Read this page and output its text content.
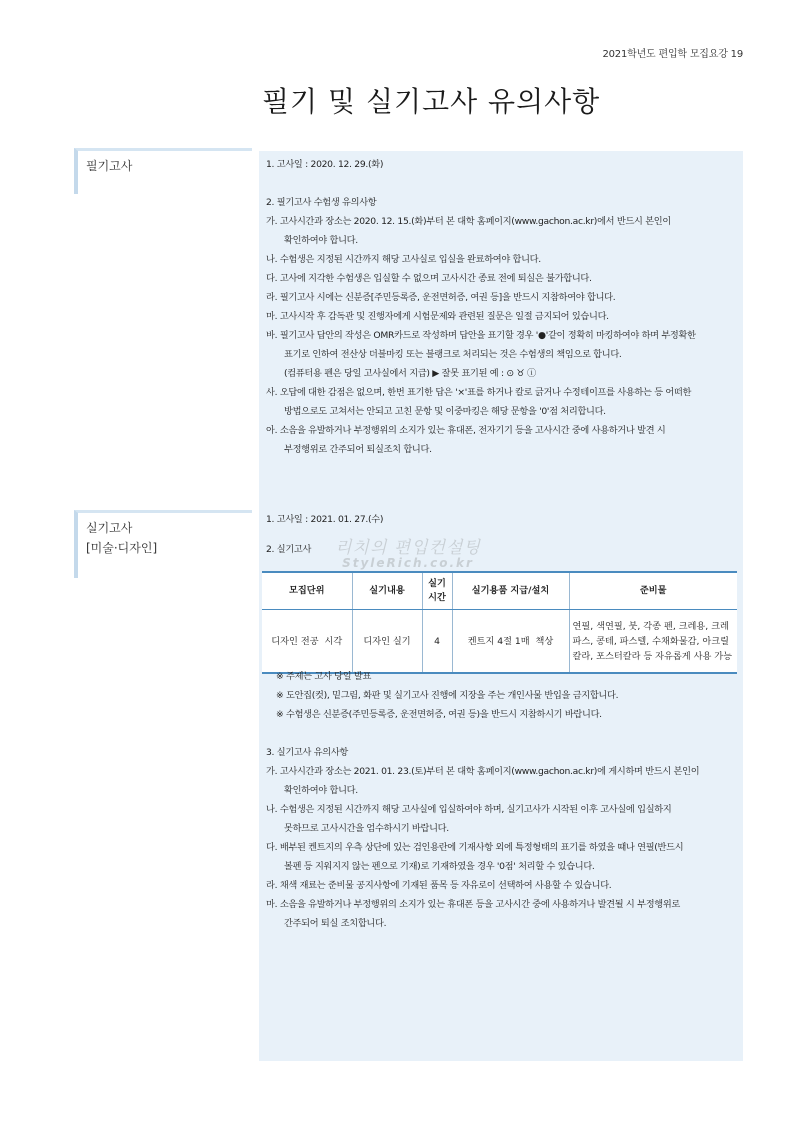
2021학년도 편입학 모집요강 19
필기 및 실기고사 유의사항
필기고사
실기고사
[미술·디자인]
1. 고사일 : 2020. 12. 29.(화)
2. 필기고사 수험생 유의사항
가. 고사시간과 장소는 2020. 12. 15.(화)부터 본 대학 홈페이지(www.gachon.ac.kr)에서 반드시 본인이
확인하여야 합니다.
나. 수험생은 지정된 시간까지 해당 고사실로 입실을 완료하여야 합니다.
다. 고사에 지각한 수험생은 입실할 수 없으며 고사시간 종료 전에 퇴실은 불가합니다.
라. 필기고사 시에는 신분증[주민등록증, 운전면허증, 여권 등]을 반드시 지참하여야 합니다.
마. 고사시작 후 감독관 및 진행자에게 시험문제와 관련된 질문은 일절 금지되어 있습니다.
바. 필기고사 답안의 작성은 OMR카드로 작성하며 답안을 표기할 경우 '●'같이 정확히 마킹하여야 하며 부정확한
표기로 인하여 전산상 더블마킹 또는 블랭크로 처리되는 것은 수험생의 책임으로 합니다.
(컴퓨터용 펜은 당일 고사실에서 지급) ▶ 잘못 표기된 예 : ⊙ ♉ ⓘ
사. 오답에 대한 감점은 없으며, 한번 표기한 답은 '×'표를 하거나 칼로 긁거나 수정테이프를 사용하는 등 어떠한
방법으로도 고쳐서는 안되고 고친 문항 및 이중마킹은 해당 문항을 '0'점 처리합니다.
아. 소음을 유발하거나 부정행위의 소지가 있는 휴대폰, 전자기기 등을 고사시간 중에 사용하거나 발견 시
부정행위로 간주되어 퇴실조치 합니다.
1. 고사일 : 2021. 01. 27.(수)
2. 실기고사	리치의 편입컨설팅
StyleRich.co.kr
모집단위	실기내용	실기 시간	실기용품 지급/설치	준비물
디자인 전공 시각	디자인 실기	4	켄트지 4절 1매 책상	연필, 색연필, 붓, 각종 펜, 크레용, 크레파스, 콩테, 파스텔, 수채화물감, 아크릴칼라, 포스터칼라 등 자유롭게 사용 가능
※ 주제는 고사 당일 발표
※ 도안집(컷), 밑그림, 화판 및 실기고사 진행에 지장을 주는 개인사물 반입을 금지합니다.
※ 수험생은 신분증(주민등록증, 운전면허증, 여권 등)을 반드시 지참하시기 바랍니다.
3. 실기고사 유의사항
가. 고사시간과 장소는 2021. 01. 23.(토)부터 본 대학 홈페이지(www.gachon.ac.kr)에 게시하며 반드시 본인이
확인하여야 합니다.
나. 수험생은 지정된 시간까지 해당 고사실에 입실하여야 하며, 실기고사가 시작된 이후 고사실에 입실하지
못하므로 고사시간을 엄수하시기 바랍니다.
다. 배부된 켄트지의 우측 상단에 있는 검인용란에 기재사항 외에 특정형태의 표기를 하였을 때나 연필(반드시
볼펜 등 지워지지 않는 펜으로 기재)로 기재하였을 경우 '0점' 처리할 수 있습니다.
라. 채색 재료는 준비물 공지사항에 기재된 품목 등 자유로이 선택하여 사용할 수 있습니다.
마. 소음을 유발하거나 부정행위의 소지가 있는 휴대폰 등을 고사시간 중에 사용하거나 발견될 시 부정행위로
간주되어 퇴실 조치합니다.
